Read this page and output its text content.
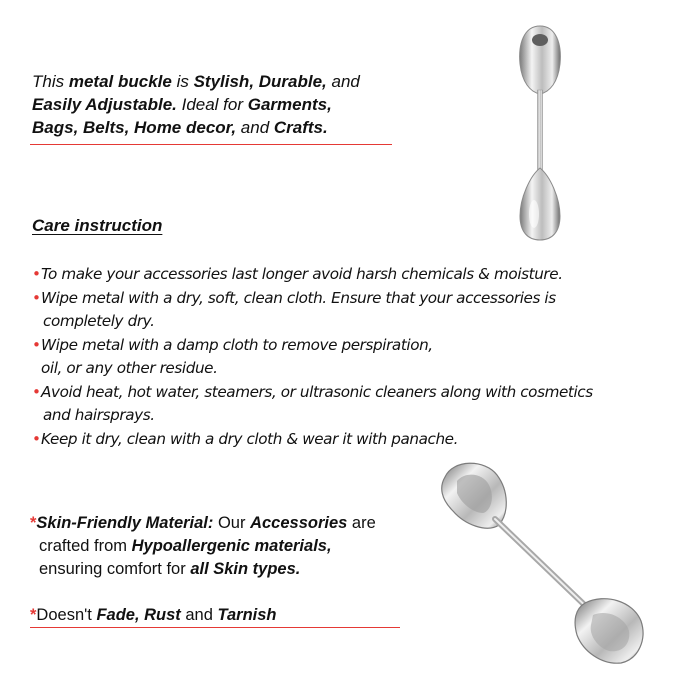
This metal buckle is Stylish, Durable, and
Easily Adjustable. Ideal for Garments,
Bags, Belts, Home decor, and Crafts.
Care instruction
• To make your accessories last longer avoid harsh chemicals & moisture.
• Wipe metal with a dry, soft, clean cloth. Ensure that your accessories is
completely dry.
• Wipe metal with a damp cloth to remove perspiration,
oil, or any other residue.
• Avoid heat, hot water, steamers, or ultrasonic cleaners along with cosmetics
and hairsprays.
• Keep it dry, clean with a dry cloth & wear it with panache.
*Skin-Friendly Material: Our Accessories are
crafted from Hypoallergenic materials,
ensuring comfort for all Skin types.
*Doesn't Fade, Rust and Tarnish
